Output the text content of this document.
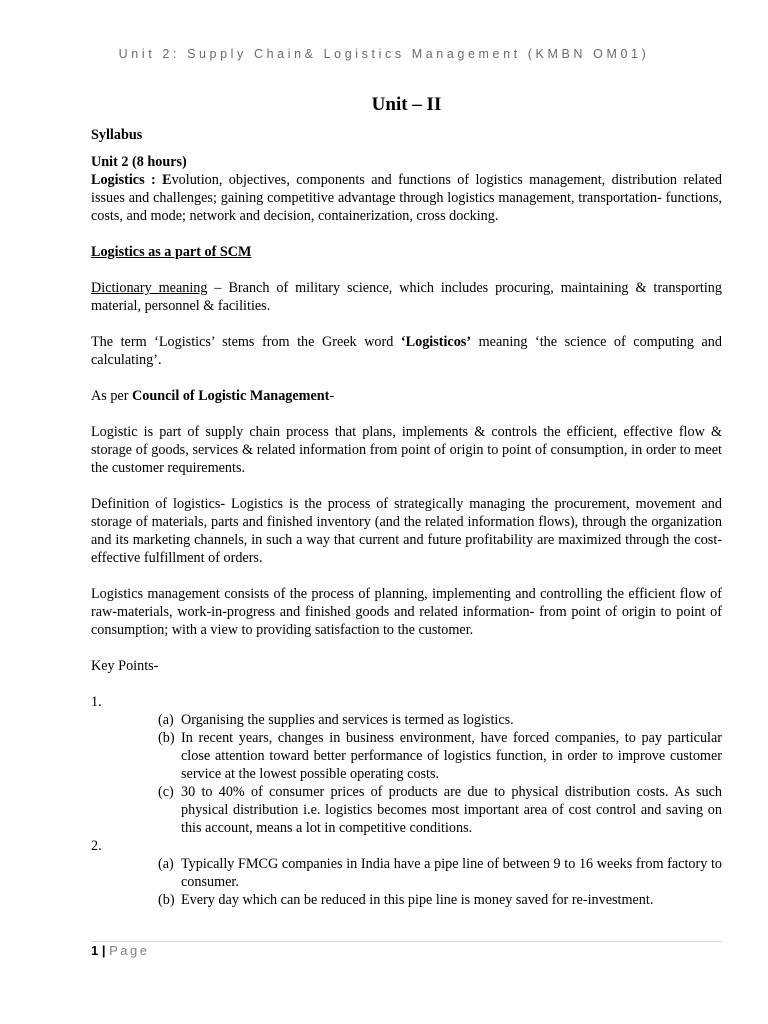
Unit 2: Supply Chain& Logistics Management (KMBN OM01)
Unit – II

Syllabus

Unit 2 (8 hours)

Logistics : Evolution, objectives, components and functions of logistics management, distribution related issues and challenges; gaining competitive advantage through logistics management, transportation- functions, costs, and mode; network and decision, containerization, cross docking.

Logistics as a part of SCM

Dictionary meaning – Branch of military science, which includes procuring, maintaining & transporting material, personnel & facilities.

The term ‘Logistics’ stems from the Greek word ‘Logisticos’ meaning ‘the science of computing and calculating’.

As per Council of Logistic Management-

Logistic is part of supply chain process that plans, implements & controls the efficient, effective flow & storage of goods, services & related information from point of origin to point of consumption, in order to meet the customer requirements.

Definition of logistics- Logistics is the process of strategically managing the procurement, movement and storage of materials, parts and finished inventory (and the related information flows), through the organization and its marketing channels, in such a way that current and future profitability are maximized through the cost-effective fulfillment of orders.

Logistics management consists of the process of planning, implementing and controlling the efficient flow of raw-materials, work-in-progress and finished goods and related information- from point of origin to point of consumption; with a view to providing satisfaction to the customer.

Key Points-

1.

(a) Organising the supplies and services is termed as logistics.
(b) In recent years, changes in business environment, have forced companies, to pay particular close attention toward better performance of logistics function, in order to improve customer service at the lowest possible operating costs.
(c) 30 to 40% of consumer prices of products are due to physical distribution costs. As such physical distribution i.e. logistics becomes most important area of cost control and saving on this account, means a lot in competitive conditions.

2.

(a) Typically FMCG companies in India have a pipe line of between 9 to 16 weeks from factory to consumer.
(b) Every day which can be reduced in this pipe line is money saved for re-investment.
1 | Page
